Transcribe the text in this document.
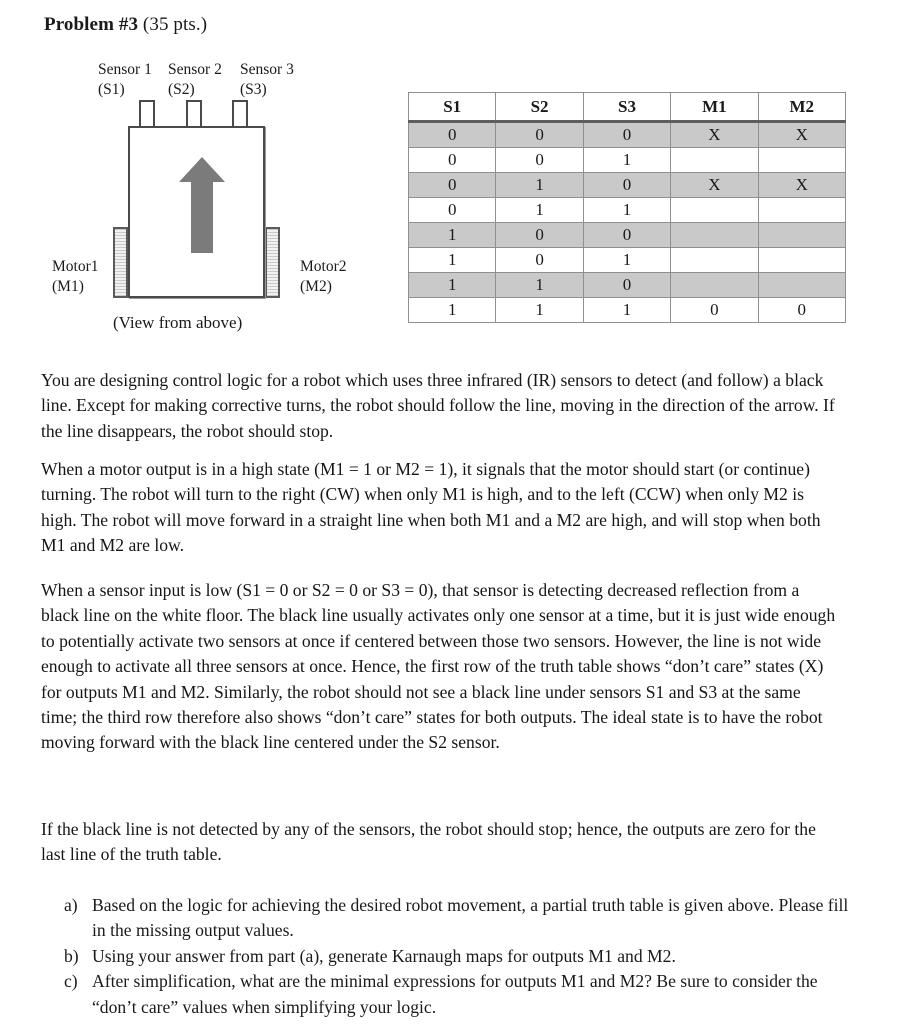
Problem #3 (35 pts.)
Sensor 1
(S1)
Sensor 2
(S2)
Sensor 3
(S3)
Motor1
(M1)
Motor2
(M2)
(View from above)
S1	S2	S3	M1	M2
0	0	0	X	X
0	0	1		
0	1	0	X	X
0	1	1		
1	0	0		
1	0	1		
1	1	0		
1	1	1	0	0
You are designing control logic for a robot which uses three infrared (IR) sensors to detect (and follow) a black line. Except for making corrective turns, the robot should follow the line, moving in the direction of the arrow. If the line disappears, the robot should stop.
When a motor output is in a high state (M1 = 1 or M2 = 1), it signals that the motor should start (or continue) turning. The robot will turn to the right (CW) when only M1 is high, and to the left (CCW) when only M2 is high. The robot will move forward in a straight line when both M1 and a M2 are high, and will stop when both M1 and M2 are low.
When a sensor input is low (S1 = 0 or S2 = 0 or S3 = 0), that sensor is detecting decreased reflection from a black line on the white floor. The black line usually activates only one sensor at a time, but it is just wide enough to potentially activate two sensors at once if centered between those two sensors. However, the line is not wide enough to activate all three sensors at once. Hence, the first row of the truth table shows “don’t care” states (X) for outputs M1 and M2. Similarly, the robot should not see a black line under sensors S1 and S3 at the same time; the third row therefore also shows “don’t care” states for both outputs. The ideal state is to have the robot moving forward with the black line centered under the S2 sensor.
If the black line is not detected by any of the sensors, the robot should stop; hence, the outputs are zero for the last line of the truth table.
a) Based on the logic for achieving the desired robot movement, a partial truth table is given above. Please fill in the missing output values.
b) Using your answer from part (a), generate Karnaugh maps for outputs M1 and M2.
c) After simplification, what are the minimal expressions for outputs M1 and M2? Be sure to consider the “don’t care” values when simplifying your logic.
